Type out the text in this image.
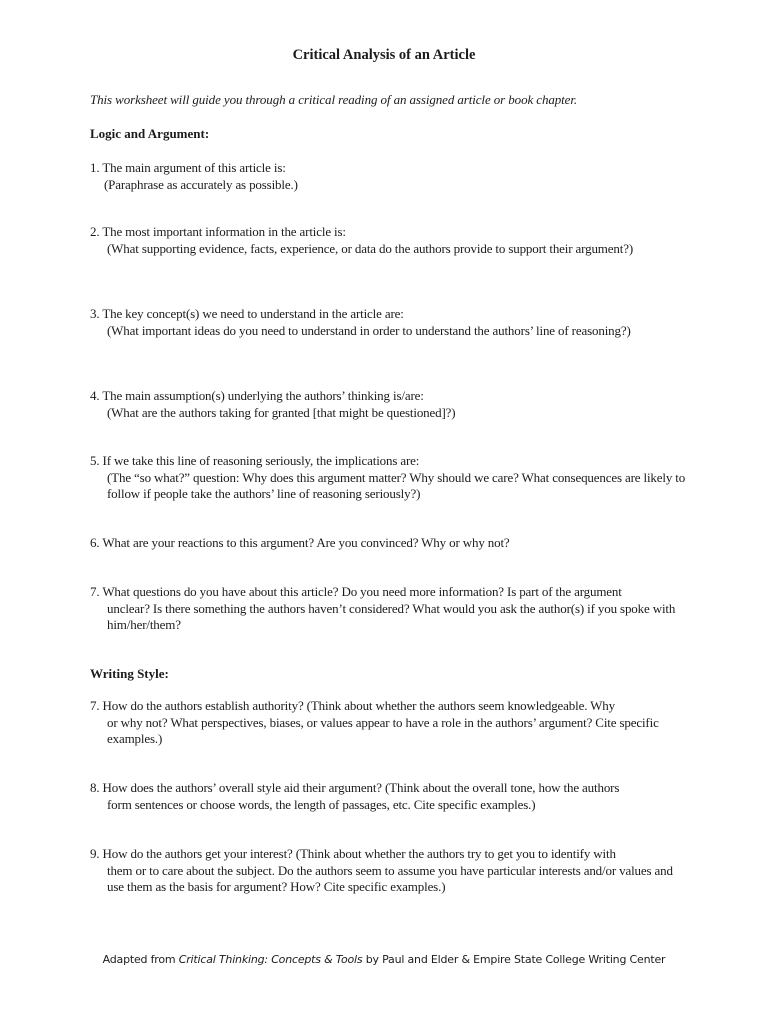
Critical Analysis of an Article
This worksheet will guide you through a critical reading of an assigned article or book chapter.
Logic and Argument:
1. The main argument of this article is:
(Paraphrase as accurately as possible.)
2. The most important information in the article is:
(What supporting evidence, facts, experience, or data do the authors provide to support their argument?)
3. The key concept(s) we need to understand in the article are:
(What important ideas do you need to understand in order to understand the authors’ line of reasoning?)
4. The main assumption(s) underlying the authors’ thinking is/are:
(What are the authors taking for granted [that might be questioned]?)
5. If we take this line of reasoning seriously, the implications are:
(The “so what?” question: Why does this argument matter? Why should we care? What consequences are likely to follow if people take the authors’ line of reasoning seriously?)
6. What are your reactions to this argument? Are you convinced? Why or why not?
7. What questions do you have about this article? Do you need more information? Is part of the argument
unclear? Is there something the authors haven’t considered? What would you ask the author(s) if you spoke with him/her/them?
Writing Style:
7. How do the authors establish authority? (Think about whether the authors seem knowledgeable. Why
or why not? What perspectives, biases, or values appear to have a role in the authors’ argument? Cite specific examples.)
8. How does the authors’ overall style aid their argument? (Think about the overall tone, how the authors
form sentences or choose words, the length of passages, etc. Cite specific examples.)
9. How do the authors get your interest? (Think about whether the authors try to get you to identify with
them or to care about the subject. Do the authors seem to assume you have particular interests and/or values and use them as the basis for argument? How? Cite specific examples.)
Adapted from Critical Thinking: Concepts & Tools by Paul and Elder & Empire State College Writing Center
